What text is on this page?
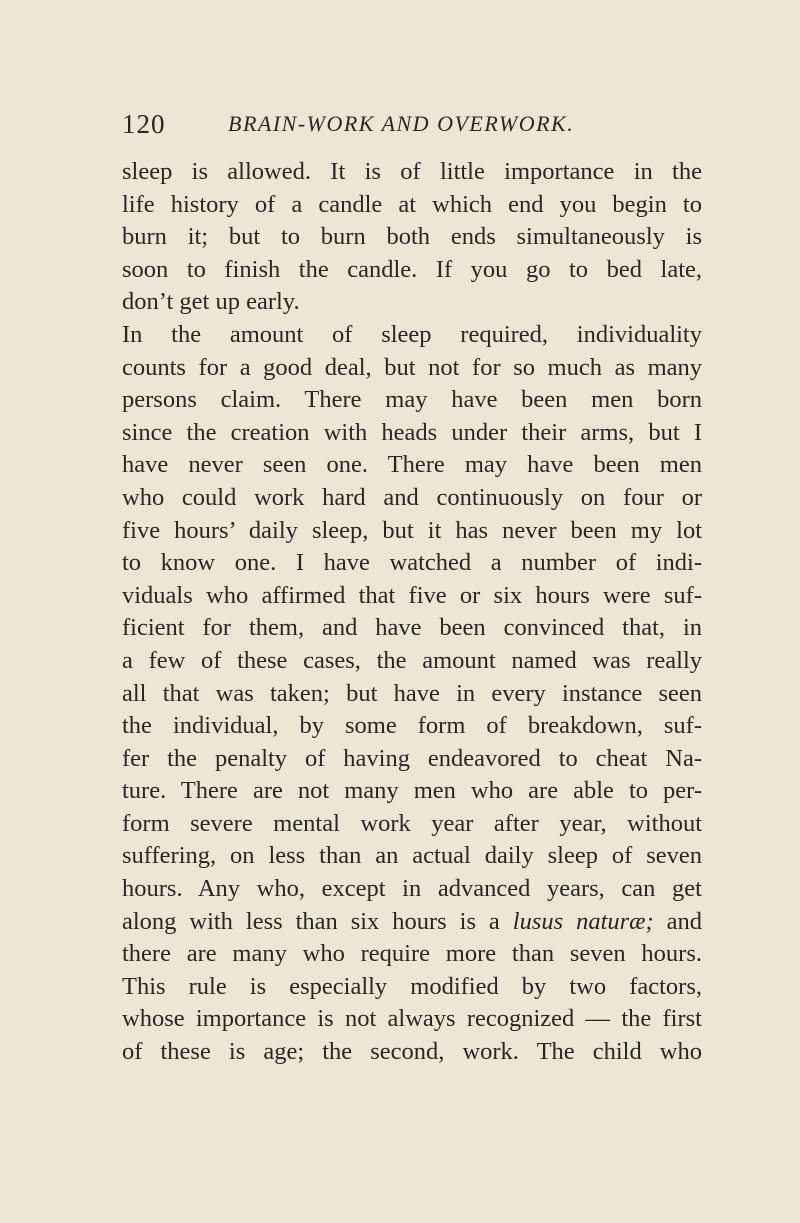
120	BRAIN-WORK AND OVERWORK.
sleep is allowed. It is of little importance in the
life history of a candle at which end you begin to
burn it; but to burn both ends simultaneously is
soon to finish the candle. If you go to bed late,
don’t get up early.
In the amount of sleep required, individuality
counts for a good deal, but not for so much as many
persons claim. There may have been men born
since the creation with heads under their arms, but I
have never seen one. There may have been men
who could work hard and continuously on four or
five hours’ daily sleep, but it has never been my lot
to know one. I have watched a number of indi-
viduals who affirmed that five or six hours were suf-
ficient for them, and have been convinced that, in
a few of these cases, the amount named was really
all that was taken; but have in every instance seen
the individual, by some form of breakdown, suf-
fer the penalty of having endeavored to cheat Na-
ture. There are not many men who are able to per-
form severe mental work year after year, without
suffering, on less than an actual daily sleep of seven
hours. Any who, except in advanced years, can get
along with less than six hours is a lusus naturæ; and
there are many who require more than seven hours.
This rule is especially modified by two factors,
whose importance is not always recognized — the first
of these is age; the second, work. The child who
